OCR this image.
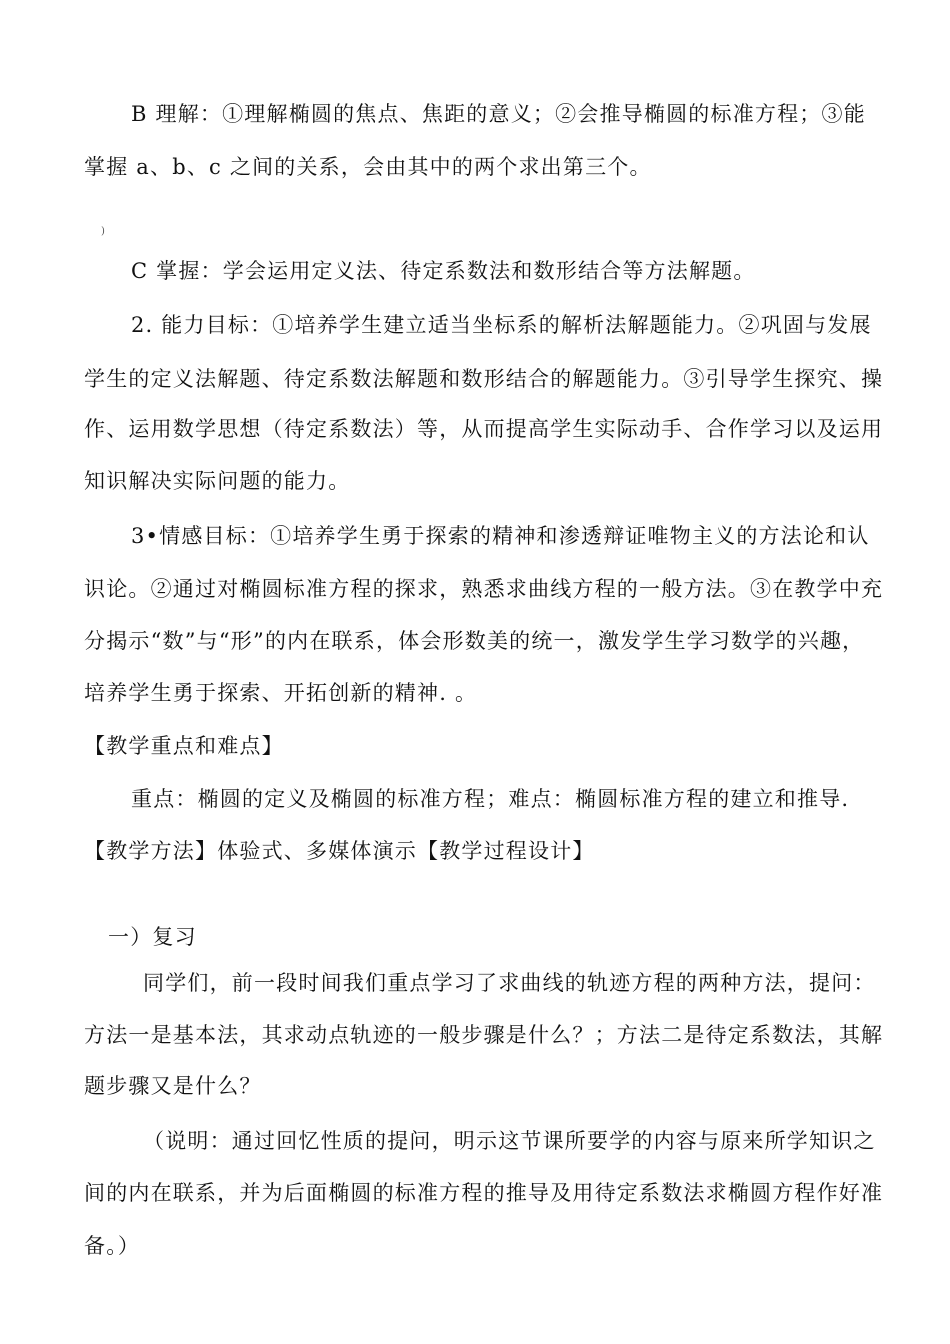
B 理解：①理解椭圆的焦点、焦距的意义；②会推导椭圆的标准方程；③能
掌握 a、b、c 之间的关系，会由其中的两个求出第三个。
)
C 掌握：学会运用定义法、待定系数法和数形结合等方法解题。
2. 能力目标：①培养学生建立适当坐标系的解析法解题能力。②巩固与发展
学生的定义法解题、待定系数法解题和数形结合的解题能力。③引导学生探究、操
作、运用数学思想（待定系数法）等，从而提高学生实际动手、合作学习以及运用
知识解决实际问题的能力。
3•情感目标：①培养学生勇于探索的精神和渗透辩证唯物主义的方法论和认
识论。②通过对椭圆标准方程的探求，熟悉求曲线方程的一般方法。③在教学中充
分揭示“数”与“形”的内在联系，体会形数美的统一，激发学生学习数学的兴趣，
培养学生勇于探索、开拓创新的精神. 。
【教学重点和难点】
重点：椭圆的定义及椭圆的标准方程；难点：椭圆标准方程的建立和推导.
【教学方法】体验式、多媒体演示【教学过程设计】
一）复习
同学们，前一段时间我们重点学习了求曲线的轨迹方程的两种方法，提问：
方法一是基本法，其求动点轨迹的一般步骤是什么？；方法二是待定系数法，其解
题步骤又是什么？
（说明：通过回忆性质的提问，明示这节课所要学的内容与原来所学知识之
间的内在联系，并为后面椭圆的标准方程的推导及用待定系数法求椭圆方程作好准
备。）
